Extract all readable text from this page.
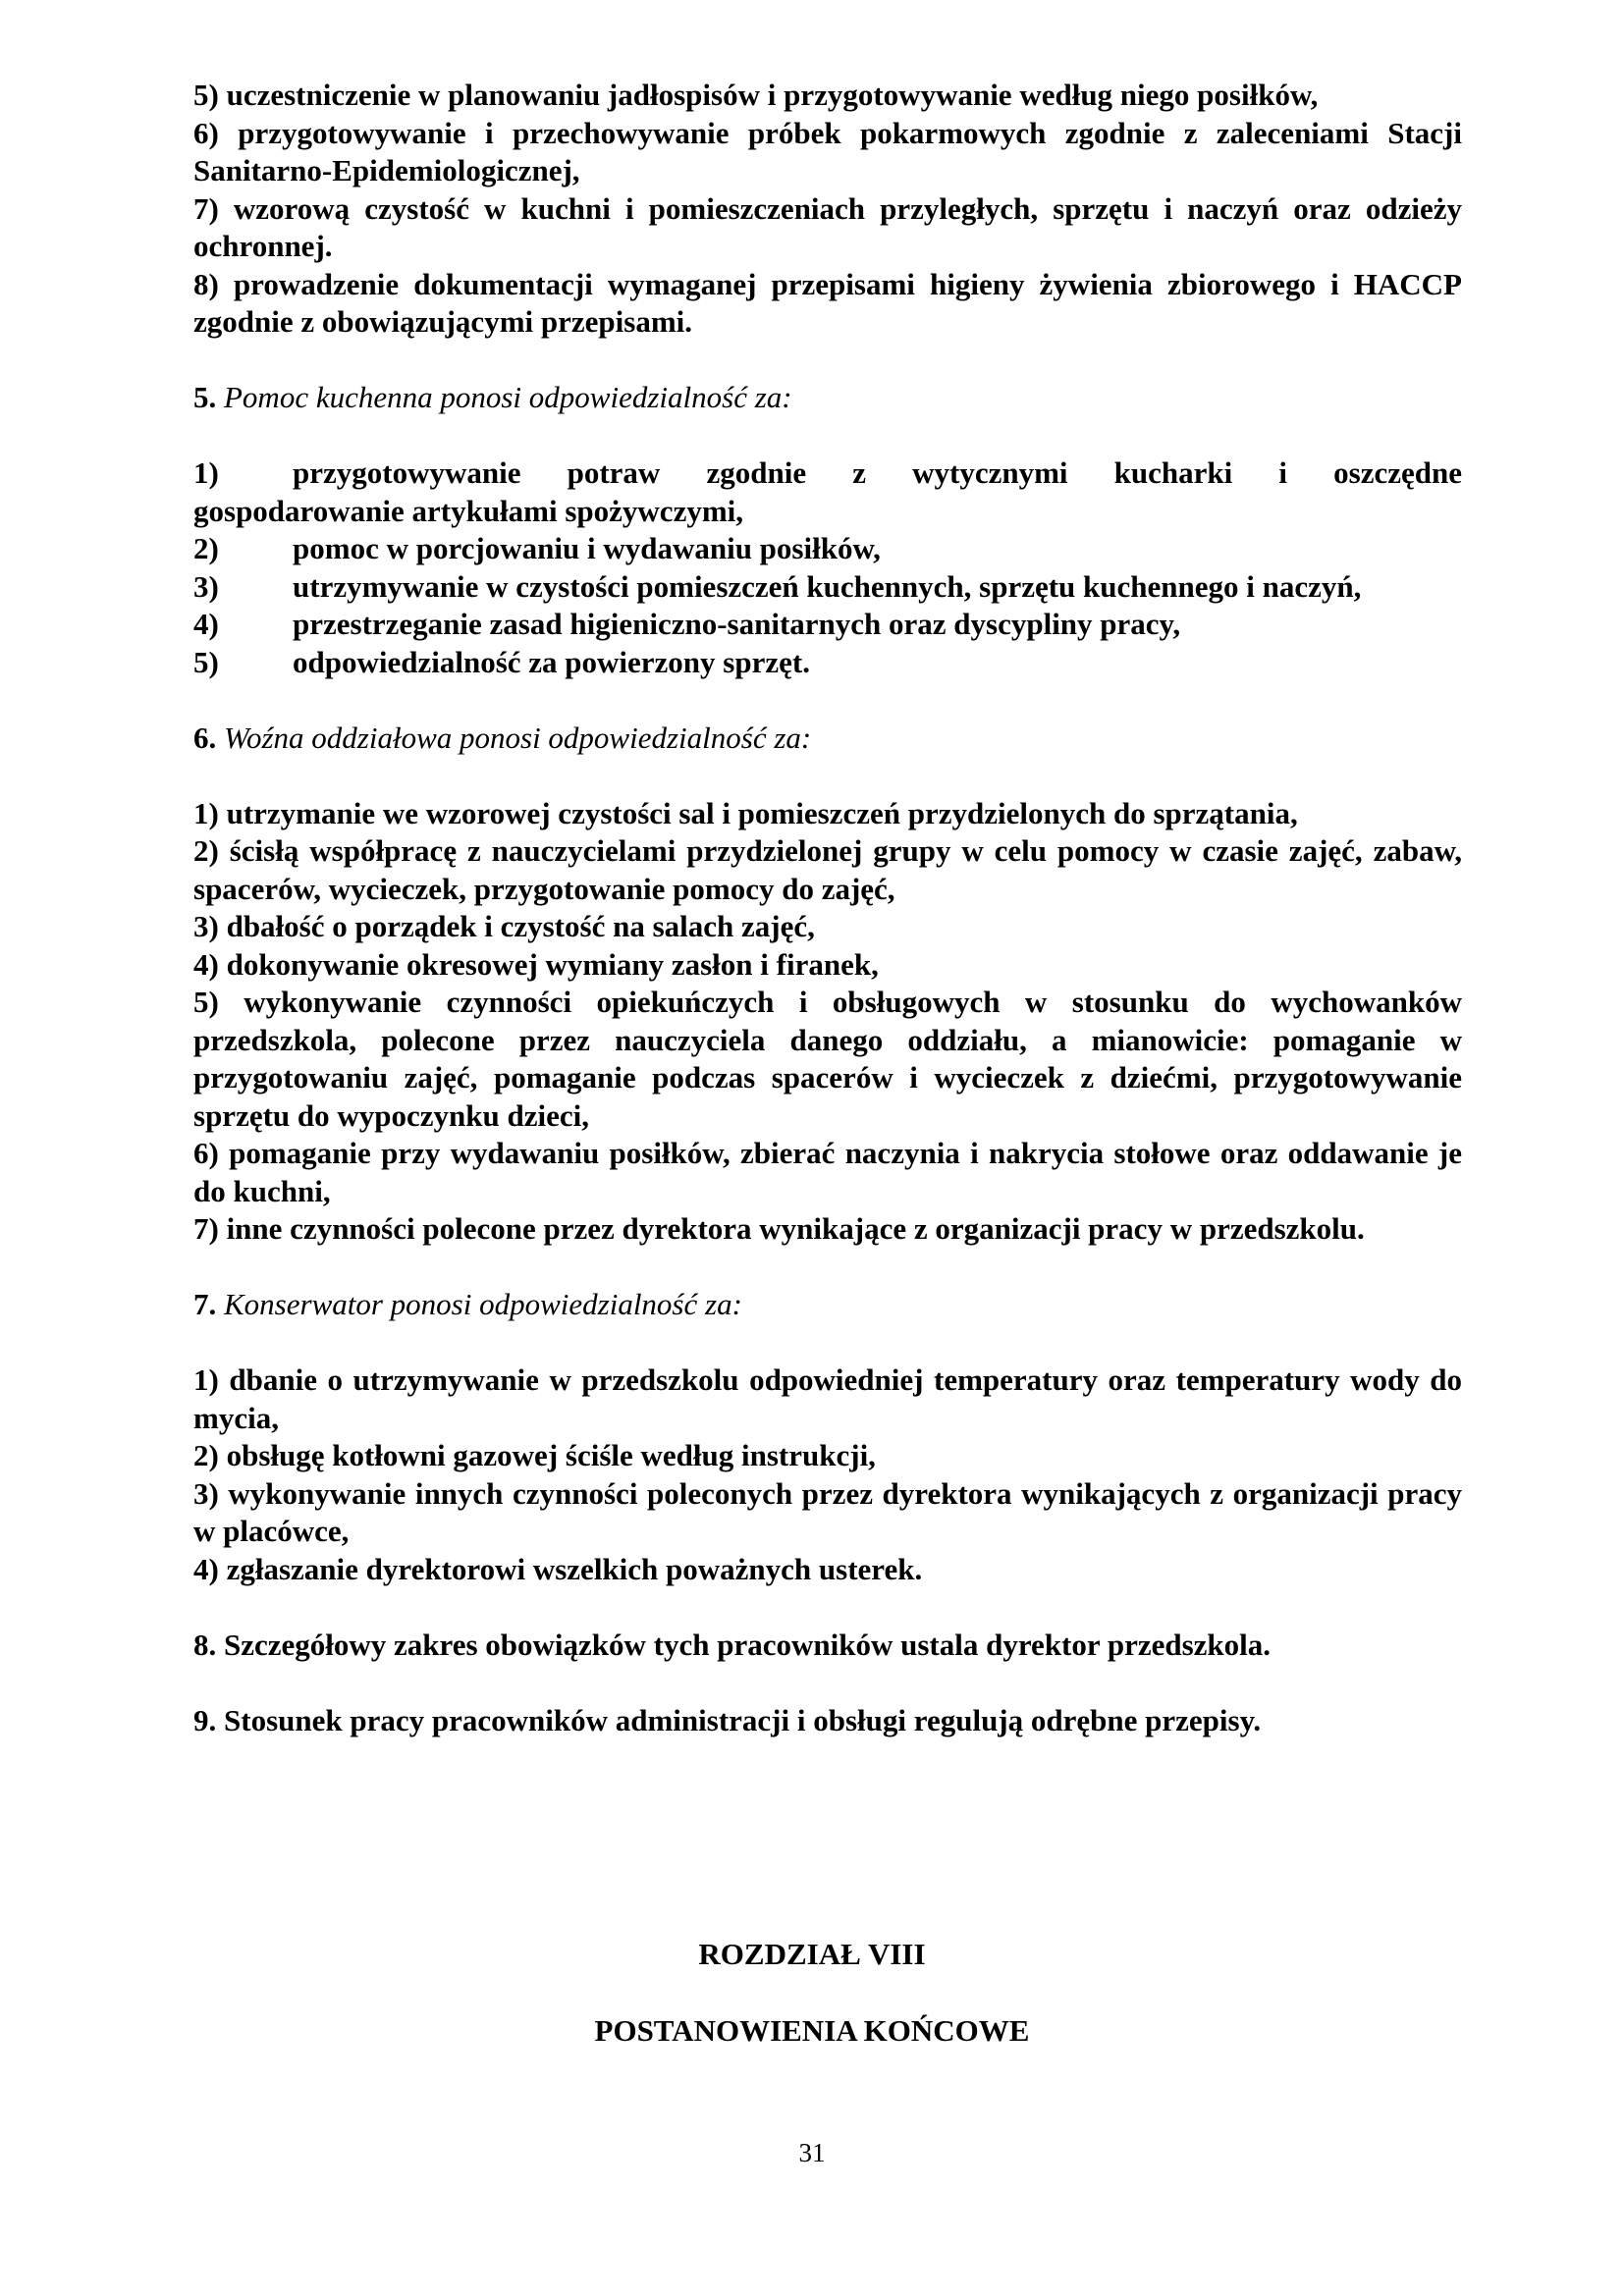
5) uczestniczenie w planowaniu jadłospisów i przygotowywanie według niego posiłków,

6) przygotowywanie i przechowywanie próbek pokarmowych zgodnie z zaleceniami Stacji Sanitarno-Epidemiologicznej,

7) wzorową czystość w kuchni i pomieszczeniach przyległych, sprzętu i naczyń oraz odzieży ochronnej.

8) prowadzenie dokumentacji wymaganej przepisami higieny żywienia zbiorowego i HACCP zgodnie z obowiązującymi przepisami.

5. Pomoc kuchenna ponosi odpowiedzialność za:

1) przygotowywanie potraw zgodnie z wytycznymi kucharki i oszczędne

gospodarowanie artykułami spożywczymi,

2)	pomoc w porcjowaniu i wydawaniu posiłków,
3)	utrzymywanie w czystości pomieszczeń kuchennych, sprzętu kuchennego i naczyń,
4)	przestrzeganie zasad higieniczno-sanitarnych oraz dyscypliny pracy,
5)	odpowiedzialność za powierzony sprzęt.

6. Woźna oddziałowa ponosi odpowiedzialność za:

1) utrzymanie we wzorowej czystości sal i pomieszczeń przydzielonych do sprzątania,

2) ścisłą współpracę z nauczycielami przydzielonej grupy w celu pomocy w czasie zajęć, zabaw, spacerów, wycieczek, przygotowanie pomocy do zajęć,

3) dbałość o porządek i czystość na salach zajęć,

4) dokonywanie okresowej wymiany zasłon i firanek,

5) wykonywanie czynności opiekuńczych i obsługowych w stosunku do wychowanków przedszkola, polecone przez nauczyciela danego oddziału, a mianowicie: pomaganie w przygotowaniu zajęć, pomaganie podczas spacerów i wycieczek z dziećmi, przygotowywanie sprzętu do wypoczynku dzieci,

6) pomaganie przy wydawaniu posiłków, zbierać naczynia i nakrycia stołowe oraz oddawanie je do kuchni,

7) inne czynności polecone przez dyrektora wynikające z organizacji pracy w przedszkolu.

7. Konserwator ponosi odpowiedzialność za:

1) dbanie o utrzymywanie w przedszkolu odpowiedniej temperatury oraz temperatury wody do mycia,

2) obsługę kotłowni gazowej ściśle według instrukcji,

3) wykonywanie innych czynności poleconych przez dyrektora wynikających z organizacji pracy w placówce,

4) zgłaszanie dyrektorowi wszelkich poważnych usterek.

8. Szczegółowy zakres obowiązków tych pracowników ustala dyrektor przedszkola.

9. Stosunek pracy pracowników administracji i obsługi regulują odrębne przepisy.

ROZDZIAŁ VIII
POSTANOWIENIA KOŃCOWE
31
